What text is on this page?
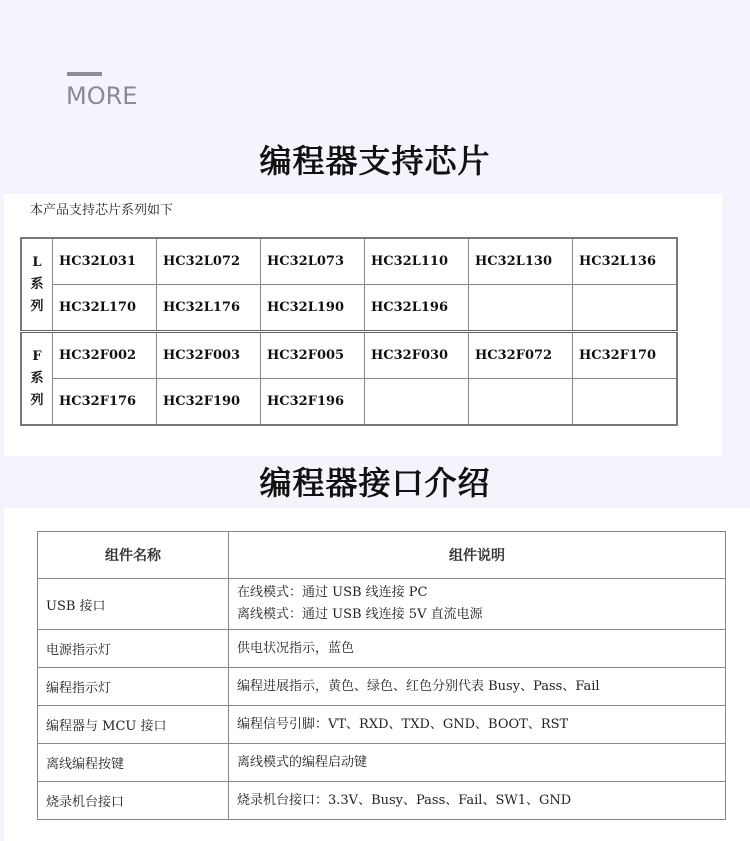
MORE
编程器支持芯片
本产品支持芯片系列如下
L
系
列	HC32L031	HC32L072	HC32L073	HC32L110	HC32L130	HC32L136
	HC32L170	HC32L176	HC32L190	HC32L196		

F
系
列	HC32F002	HC32F003	HC32F005	HC32F030	HC32F072	HC32F170
	HC32F176	HC32F190	HC32F196			
编程器接口介绍
组件名称	组件说明
USB 接口	在线模式：通过 USB 线连接 PC
离线模式：通过 USB 线连接 5V 直流电源

电源指示灯	供电状况指示，蓝色

编程指示灯	编程进展指示，黄色、绿色、红色分别代表 Busy、Pass、Fail

编程器与 MCU 接口	编程信号引脚：VT、RXD、TXD、GND、BOOT、RST

离线编程按键	离线模式的编程启动键

烧录机台接口	烧录机台接口：3.3V、Busy、Pass、Fail、SW1、GND
